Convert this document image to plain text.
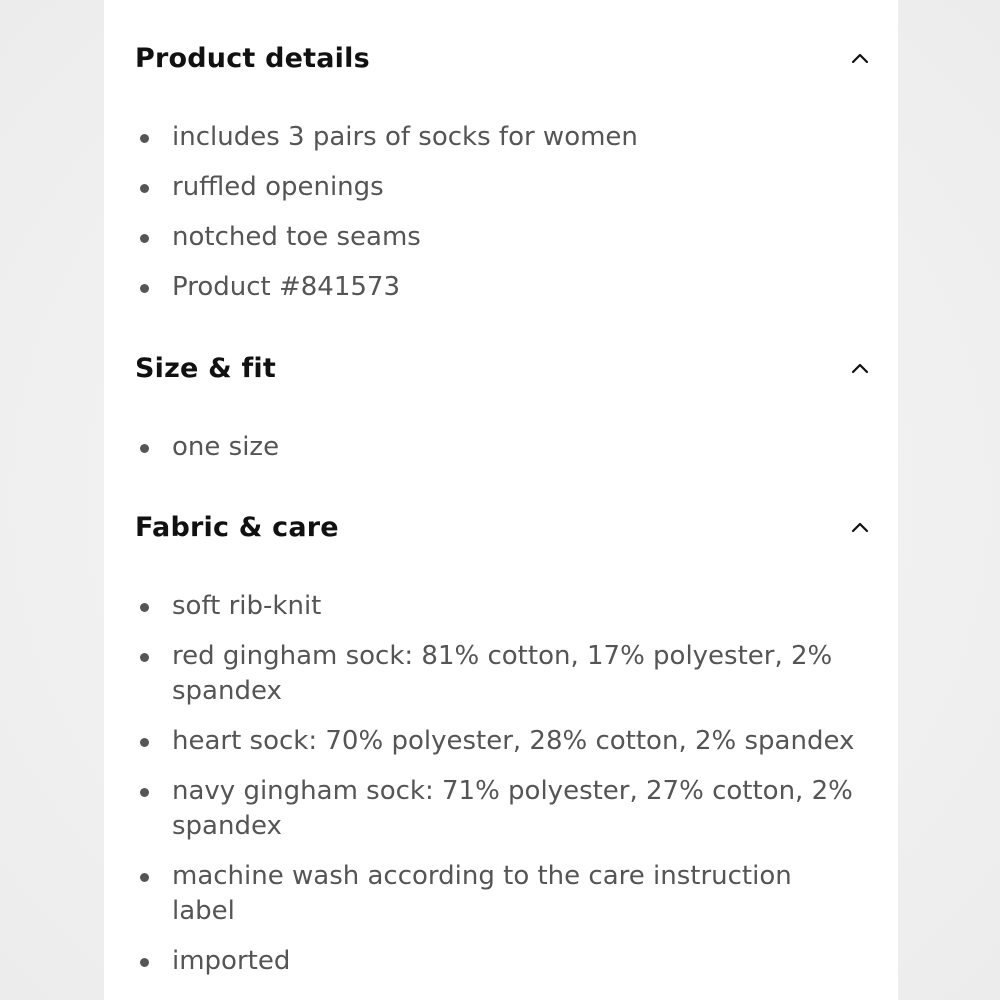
Product details
includes 3 pairs of socks for women
ruffled openings
notched toe seams
Product #841573
Size & fit
one size
Fabric & care
soft rib-knit
red gingham sock: 81% cotton, 17% polyester, 2% spandex
heart sock: 70% polyester, 28% cotton, 2% spandex
navy gingham sock: 71% polyester, 27% cotton, 2% spandex
machine wash according to the care instruction label
imported
